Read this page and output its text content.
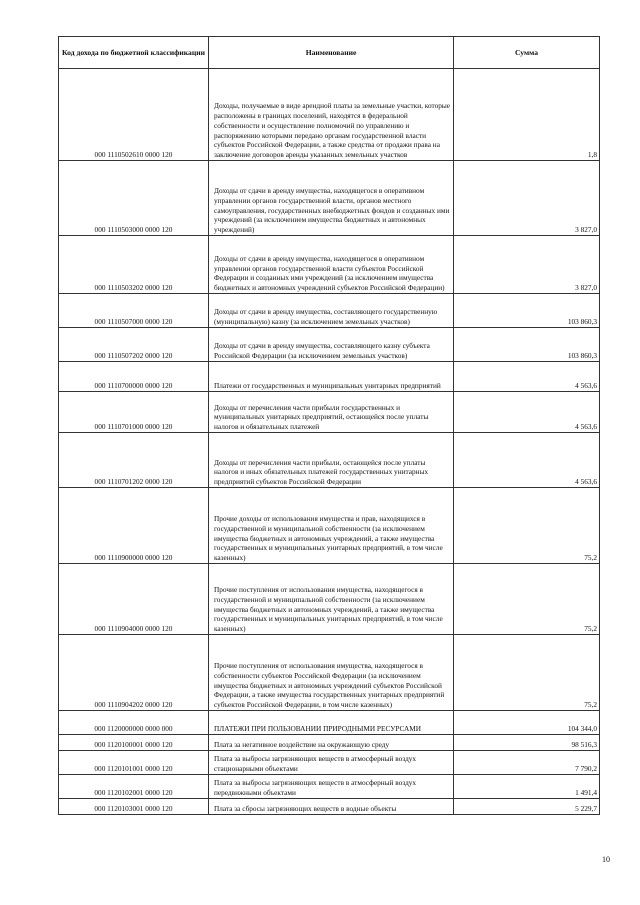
Код дохода по бюджетной классификации	Наименование	Сумма
000 1110502610 0000 120	Доходы, получаемые в виде арендной платы за земельные участки, которые расположены в границах поселений, находятся в федеральной собственности и осуществление полномочий по управлению и распоряжению которыми передано органам государственной власти субъектов Российской Федерации, а также средства от продажи права на заключение договоров аренды указанных земельных участков	1,8
000 1110503000 0000 120	Доходы от сдачи в аренду имущества, находящегося в оперативном управлении органов государственной власти, органов местного самоуправления, государственных внебюджетных фондов и созданных ими учреждений (за исключением имущества бюджетных и автономных учреждений)	3 827,0
000 1110503202 0000 120	Доходы от сдачи в аренду имущества, находящегося в оперативном управлении органов государственной власти субъектов Российской Федерации и созданных ими учреждений (за исключением имущества бюджетных и автономных учреждений субъектов Российской Федерации)	3 827,0
000 1110507000 0000 120	Доходы от сдачи в аренду имущества, составляющего государственную (муниципальную) казну (за исключением земельных участков)	103 860,3
000 1110507202 0000 120	Доходы от сдачи в аренду имущества, составляющего казну субъекта Российской Федерации (за исключением земельных участков)	103 860,3
000 1110700000 0000 120	Платежи от государственных и муниципальных унитарных предприятий	4 563,6
000 1110701000 0000 120	Доходы от перечисления части прибыли государственных и муниципальных унитарных предприятий, остающейся после уплаты налогов и обязательных платежей	4 563,6
000 1110701202 0000 120	Доходы от перечисления части прибыли, остающейся после уплаты налогов и иных обязательных платежей государственных унитарных предприятий субъектов Российской Федерации	4 563,6
000 1110900000 0000 120	Прочие доходы от использования имущества и прав, находящихся в государственной и муниципальной собственности (за исключением имущества бюджетных и автономных учреждений, а также имущества государственных и муниципальных унитарных предприятий, в том числе казенных)	75,2
000 1110904000 0000 120	Прочие поступления от использования имущества, находящегося в государственной и муниципальной собственности (за исключением имущества бюджетных и автономных учреждений, а также имущества государственных и муниципальных унитарных предприятий, в том числе казенных)	75,2
000 1110904202 0000 120	Прочие поступления от использования имущества, находящегося в собственности субъектов Российской Федерации (за исключением имущества бюджетных и автономных учреждений субъектов Российской Федерации, а также имущества государственных унитарных предприятий субъектов Российской Федерации, в том числе казенных)	75,2
000 1120000000 0000 000	ПЛАТЕЖИ ПРИ ПОЛЬЗОВАНИИ ПРИРОДНЫМИ РЕСУРСАМИ	104 344,0
000 1120100001 0000 120	Плата за негативное воздействие на окружающую среду	98 516,3
000 1120101001 0000 120	Плата за выбросы загрязняющих веществ в атмосферный воздух стационарными объектами	7 790,2
000 1120102001 0000 120	Плата за выбросы загрязняющих веществ в атмосферный воздух передвижными объектами	1 491,4
000 1120103001 0000 120	Плата за сбросы загрязняющих веществ в водные объекты	5 229,7
10
